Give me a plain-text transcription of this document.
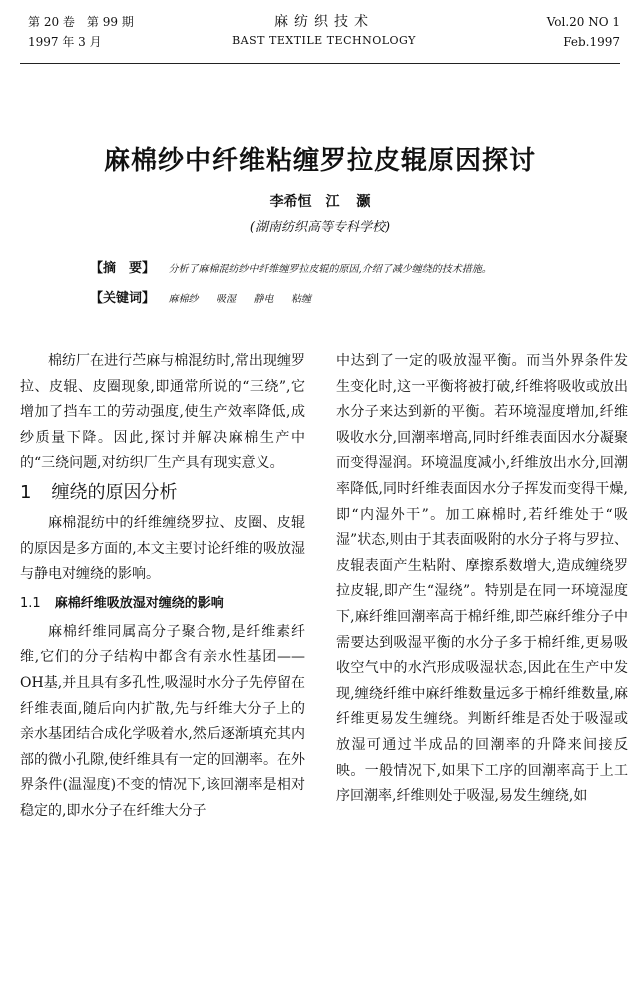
第 20 卷　第 99 期
1997 年 3 月
麻纺织技术
BAST TEXTILE TECHNOLOGY
Vol.20 NO 1
Feb.1997
麻棉纱中纤维粘缠罗拉皮辊原因探讨
李希恒　江 灏
(湖南纺织高等专科学校)
【摘　要】 分析了麻棉混纺纱中纤维缠罗拉皮辊的原因,介绍了减少缠绕的技术措施。
【关键词】 麻棉纱 吸湿 静电 粘缠

棉纺厂在进行苎麻与棉混纺时,常出现缠罗拉、皮辊、皮圈现象,即通常所说的“三绕”,它增加了挡车工的劳动强度,使生产效率降低,成纱质量下降。因此,探讨并解决麻棉生产中的“三绕问题,对纺织厂生产具有现实意义。

1 缠绕的原因分析

麻棉混纺中的纤维缠绕罗拉、皮圈、皮辊的原因是多方面的,本文主要讨论纤维的吸放湿与静电对缠绕的影响。

1.1 麻棉纤维吸放湿对缠绕的影响

麻棉纤维同属高分子聚合物,是纤维素纤维,它们的分子结构中都含有亲水性基团——OH基,并且具有多孔性,吸湿时水分子先停留在纤维表面,随后向内扩散,先与纤维大分子上的亲水基团结合成化学吸着水,然后逐渐填充其内部的微小孔隙,使纤维具有一定的回潮率。在外界条件(温湿度)不变的情况下,该回潮率是相对稳定的,即水分子在纤维大分子

中达到了一定的吸放湿平衡。而当外界条件发生变化时,这一平衡将被打破,纤维将吸收或放出水分子来达到新的平衡。若环境湿度增加,纤维吸收水分,回潮率增高,同时纤维表面因水分凝聚而变得湿润。环境温度减小,纤维放出水分,回潮率降低,同时纤维表面因水分子挥发而变得干燥,即“内湿外干”。加工麻棉时,若纤维处于“吸湿”状态,则由于其表面吸附的水分子将与罗拉、皮辊表面产生粘附、摩擦系数增大,造成缠绕罗拉皮辊,即产生“湿绕”。特别是在同一环境湿度下,麻纤维回潮率高于棉纤维,即苎麻纤维分子中需要达到吸湿平衡的水分子多于棉纤维,更易吸收空气中的水汽形成吸湿状态,因此在生产中发现,缠绕纤维中麻纤维数量远多于棉纤维数量,麻纤维更易发生缠绕。判断纤维是否处于吸湿或放湿可通过半成品的回潮率的升降来间接反映。一般情况下,如果下工序的回潮率高于上工序回潮率,纤维则处于吸湿,易发生缠绕,如
